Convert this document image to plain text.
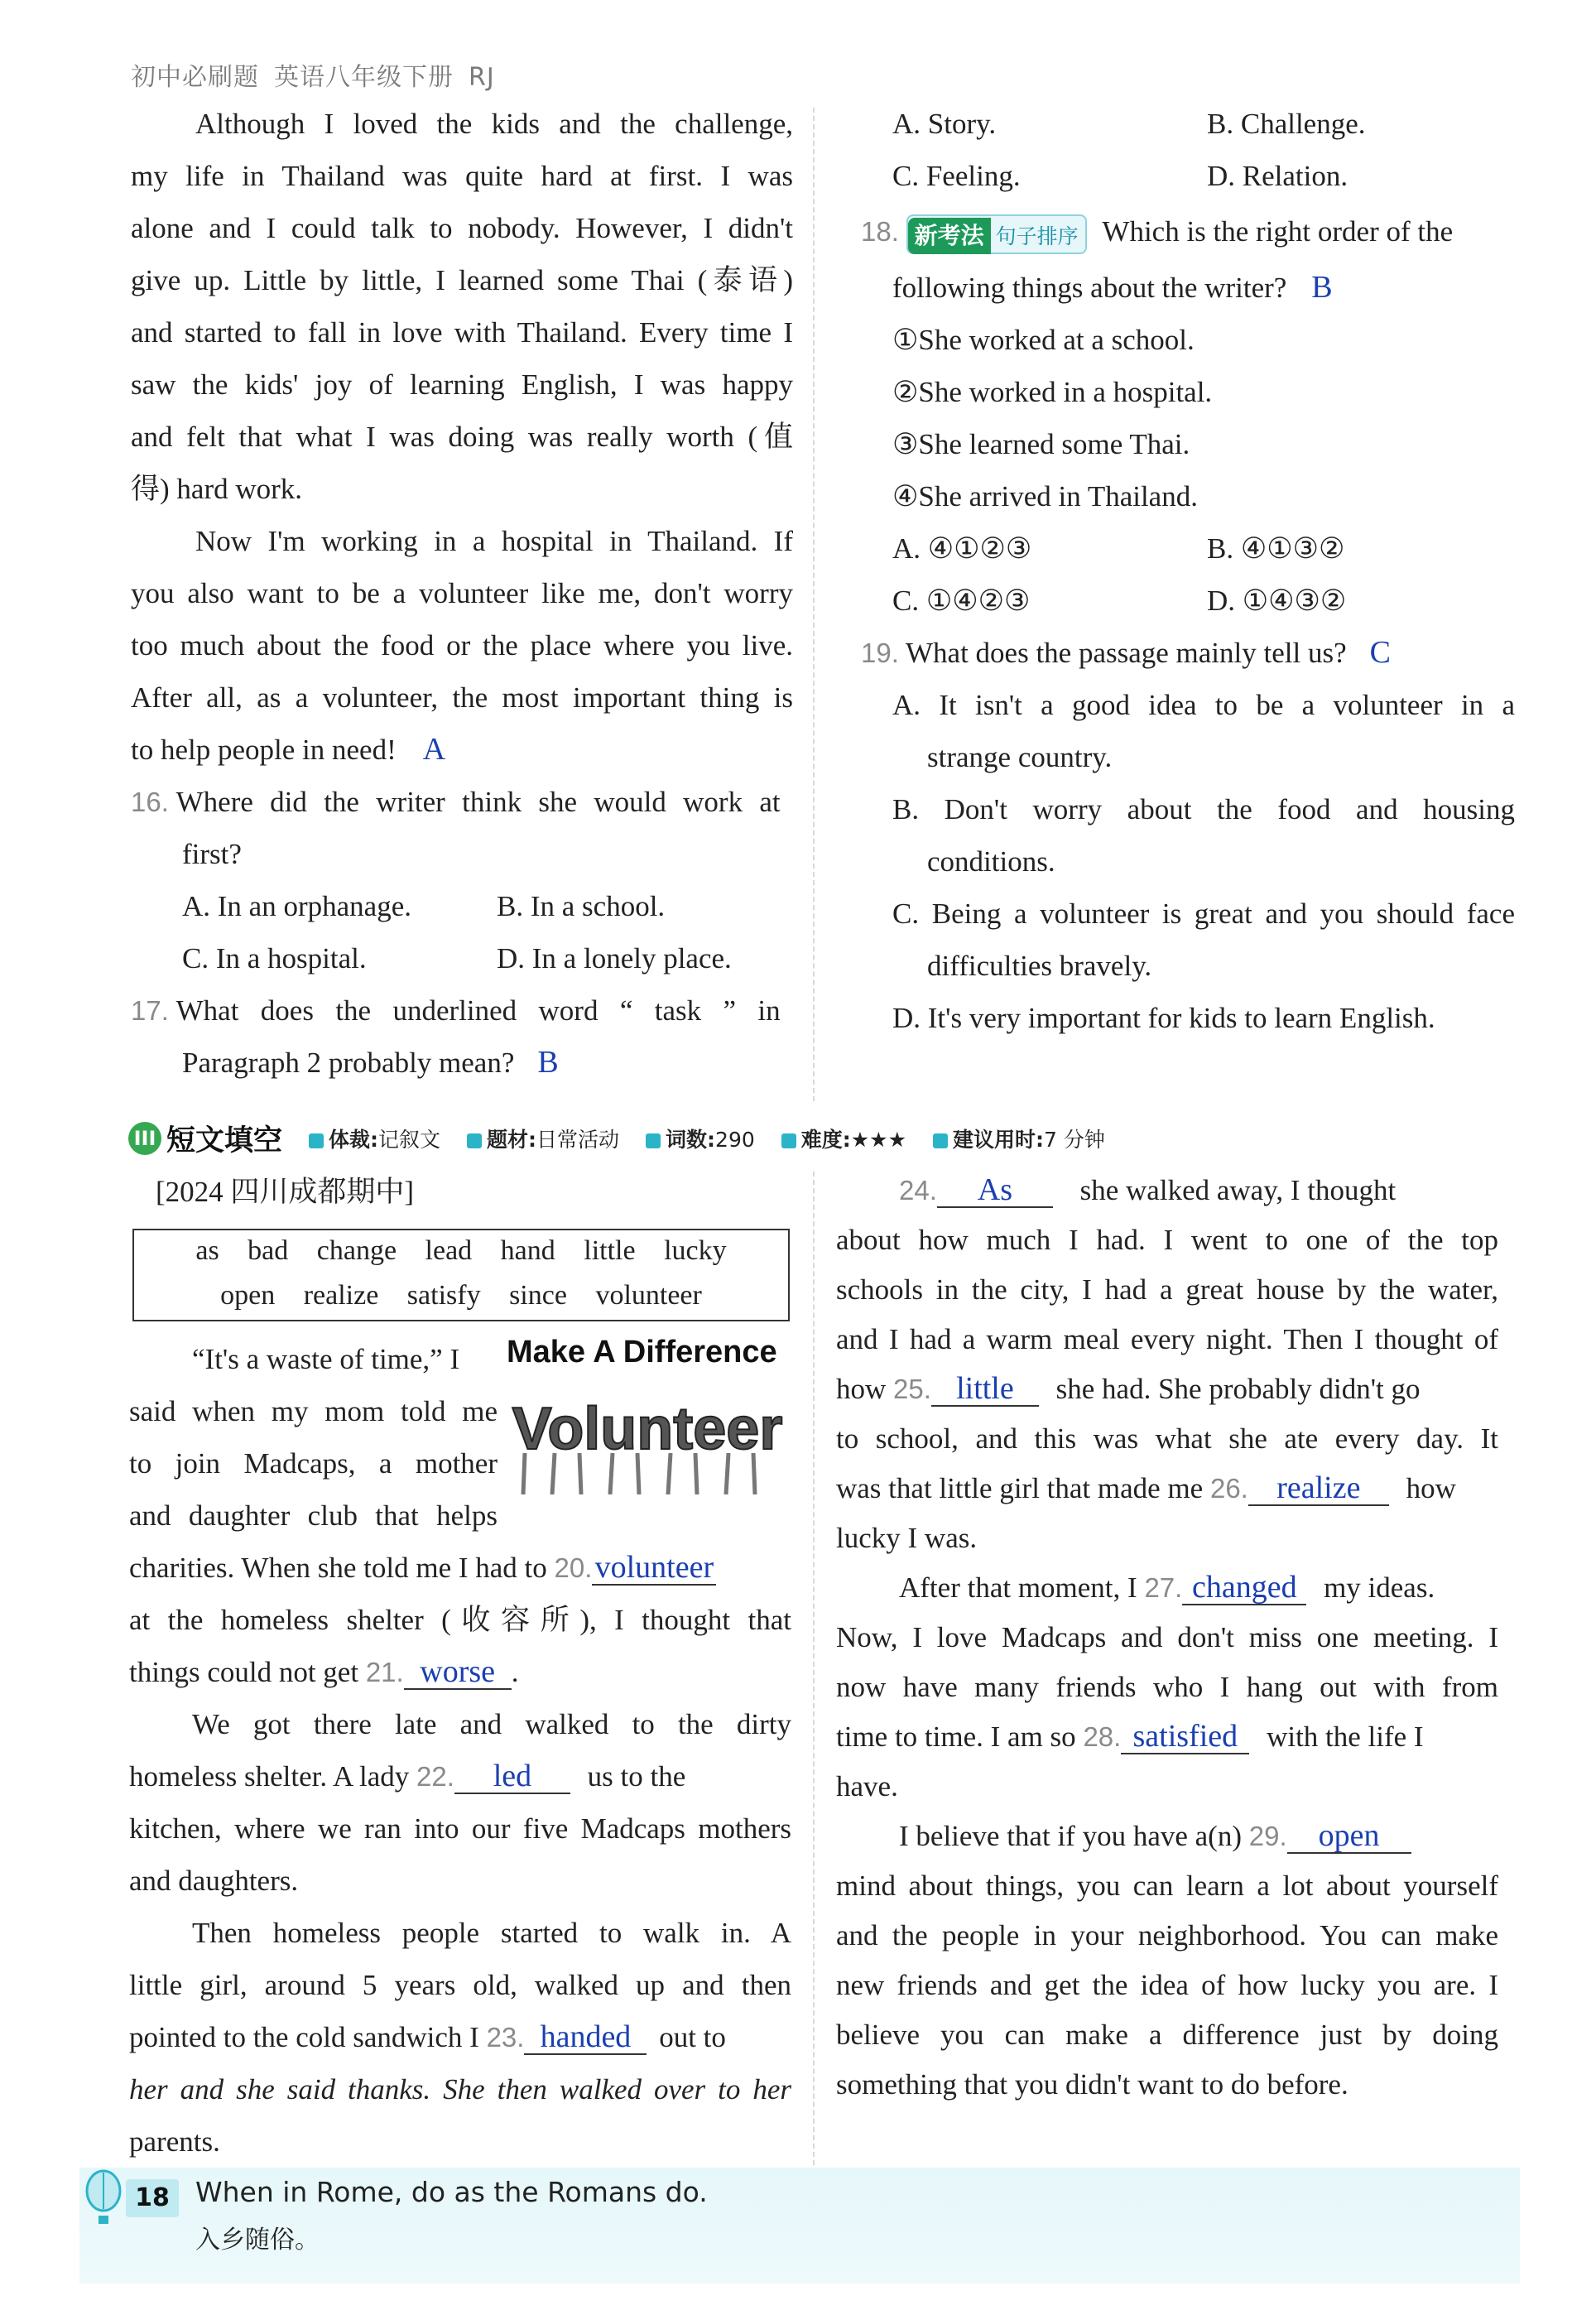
初中必刷题 英语八年级下册 RJ
Although I loved the kids and the challenge,
my life in Thailand was quite hard at first. I was
alone and I could talk to nobody. However, I didn't
give up. Little by little, I learned some Thai (泰语)
and started to fall in love with Thailand. Every time I
saw the kids' joy of learning English, I was happy
and felt that what I was doing was really worth (值
得) hard work.
Now I'm working in a hospital in Thailand. If
you also want to be a volunteer like me, don't worry
too much about the food or the place where you live.
After all, as a volunteer, the most important thing is
to help people in need! A
16. Where did the writer think she would work at
first?
A. In an orphanage.	B. In a school.
C. In a hospital.	D. In a lonely place.
17. What does the underlined word “ task ” in
Paragraph 2 probably mean? B
A. Story.	B. Challenge.
C. Feeling.	D. Relation.
18. 新考法 句子排序 Which is the right order of the
following things about the writer? B
①She worked at a school.
②She worked in a hospital.
③She learned some Thai.
④She arrived in Thailand.
A. ④①②③	B. ④①③②
C. ①④②③	D. ①④③②
19. What does the passage mainly tell us? C
A. It isn't a good idea to be a volunteer in a
strange country.
B. Don't worry about the food and housing
conditions.
C. Being a volunteer is great and you should face
difficulties bravely.
D. It's very important for kids to learn English.
III 短文填空 体裁:记叙文 题材:日常活动 词数:290 难度:★★★ 建议用时:7 分钟
[2024 四川成都期中]
as bad change lead hand little lucky
open realize satisfy since volunteer
Make A Difference
Volunteer
“It's a waste of time,” I
said when my mom told me
to join Madcaps, a mother
and daughter club that helps
charities. When she told me I had to 20.volunteer
at the homeless shelter (收容所), I thought that
things could not get 21. worse .
We got there late and walked to the dirty
homeless shelter. A lady 22. led us to the
kitchen, where we ran into our five Madcaps mothers
and daughters.
Then homeless people started to walk in. A
little girl, around 5 years old, walked up and then
pointed to the cold sandwich I 23. handed out to
her and she said thanks. She then walked over to her
parents.
24. As she walked away, I thought
about how much I had. I went to one of the top
schools in the city, I had a great house by the water,
and I had a warm meal every night. Then I thought of
how 25. little she had. She probably didn't go
to school, and this was what she ate every day. It
was that little girl that made me 26. realize how
lucky I was.
After that moment, I 27. changed my ideas.
Now, I love Madcaps and don't miss one meeting. I
now have many friends who I hang out with from
time to time. I am so 28. satisfied with the life I
have.
I believe that if you have a(n) 29. open
mind about things, you can learn a lot about yourself
and the people in your neighborhood. You can make
new friends and get the idea of how lucky you are. I
believe you can make a difference just by doing
something that you didn't want to do before.
18 When in Rome, do as the Romans do.
入乡随俗。
